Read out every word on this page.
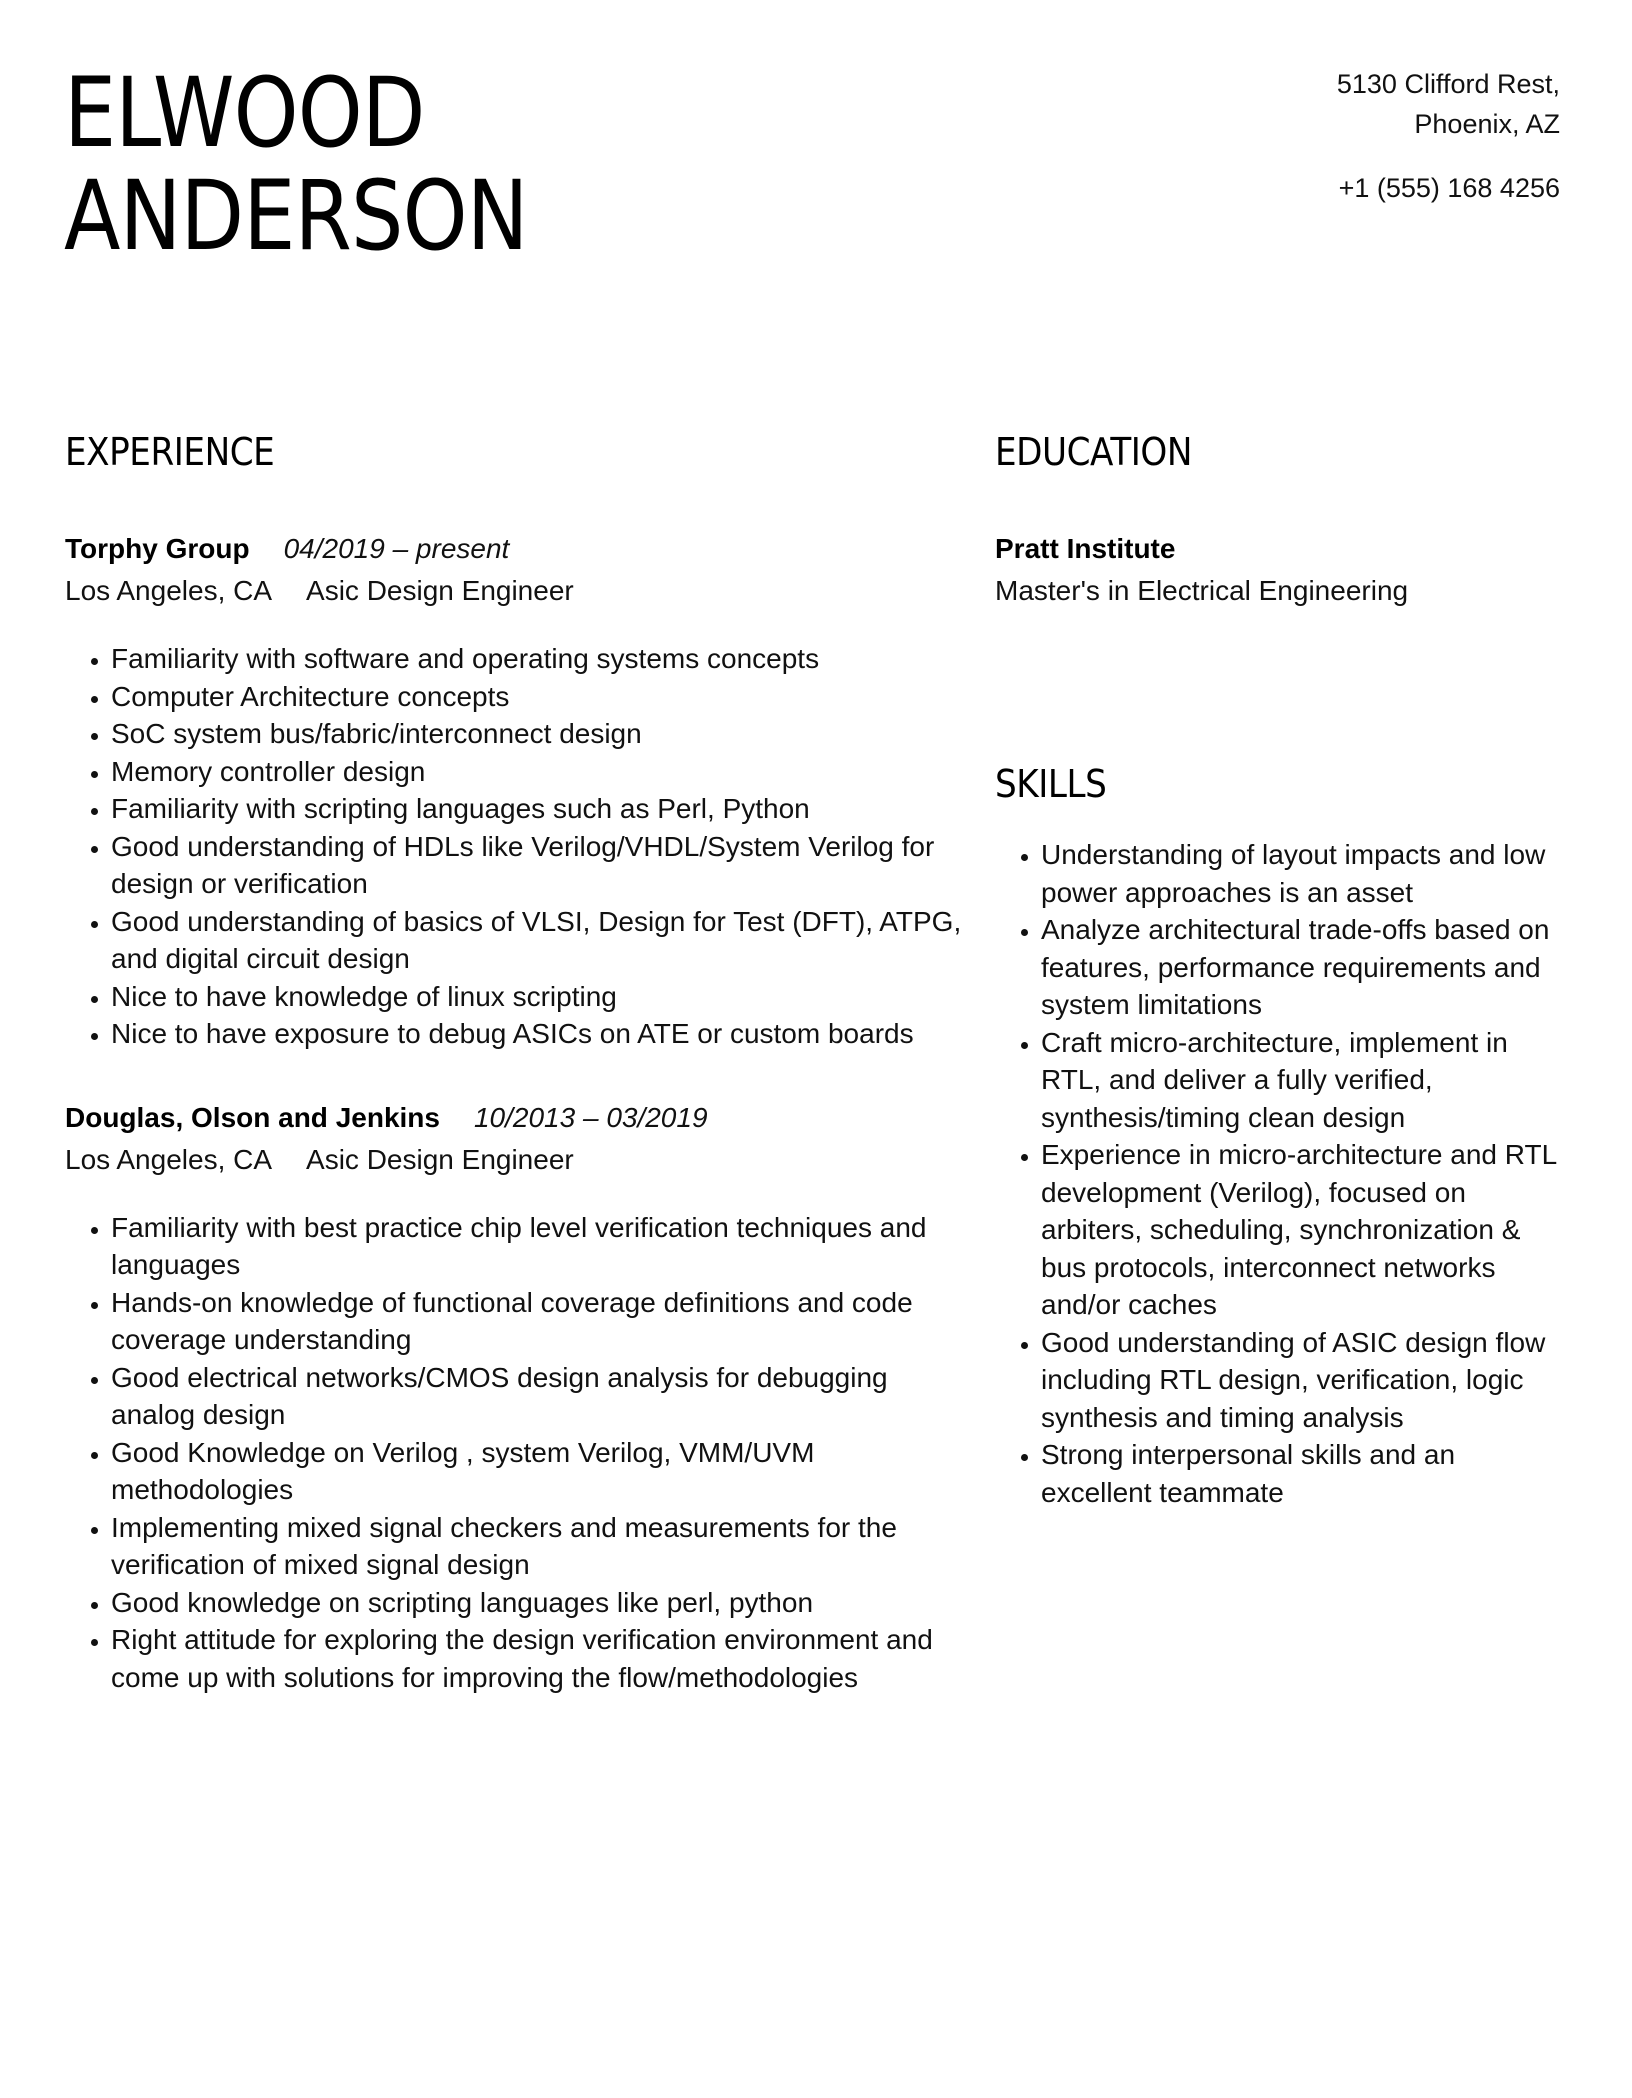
ELWOOD
ANDERSON
5130 Clifford Rest,
Phoenix, AZ
+1 (555) 168 4256
EXPERIENCE
Torphy Group 04/2019 – present
Los Angeles, CA Asic Design Engineer
• Familiarity with software and operating systems concepts
• Computer Architecture concepts
• SoC system bus/fabric/interconnect design
• Memory controller design
• Familiarity with scripting languages such as Perl, Python
• Good understanding of HDLs like Verilog/VHDL/System Verilog for design or verification
• Good understanding of basics of VLSI, Design for Test (DFT), ATPG, and digital circuit design
• Nice to have knowledge of linux scripting
• Nice to have exposure to debug ASICs on ATE or custom boards
Douglas, Olson and Jenkins 10/2013 – 03/2019
Los Angeles, CA Asic Design Engineer
• Familiarity with best practice chip level verification techniques and languages
• Hands-on knowledge of functional coverage definitions and code coverage understanding
• Good electrical networks/CMOS design analysis for debugging analog design
• Good Knowledge on Verilog , system Verilog, VMM/UVM methodologies
• Implementing mixed signal checkers and measurements for the verification of mixed signal design
• Good knowledge on scripting languages like perl, python
• Right attitude for exploring the design verification environment and come up with solutions for improving the flow/methodologies
EDUCATION
Pratt Institute
Master's in Electrical Engineering
SKILLS
• Understanding of layout impacts and low power approaches is an asset
• Analyze architectural trade-offs based on features, performance requirements and system limitations
• Craft micro-architecture, implement in RTL, and deliver a fully verified, synthesis/timing clean design
• Experience in micro-architecture and RTL development (Verilog), focused on arbiters, scheduling, synchronization & bus protocols, interconnect networks and/or caches
• Good understanding of ASIC design flow including RTL design, verification, logic synthesis and timing analysis
• Strong interpersonal skills and an excellent teammate
